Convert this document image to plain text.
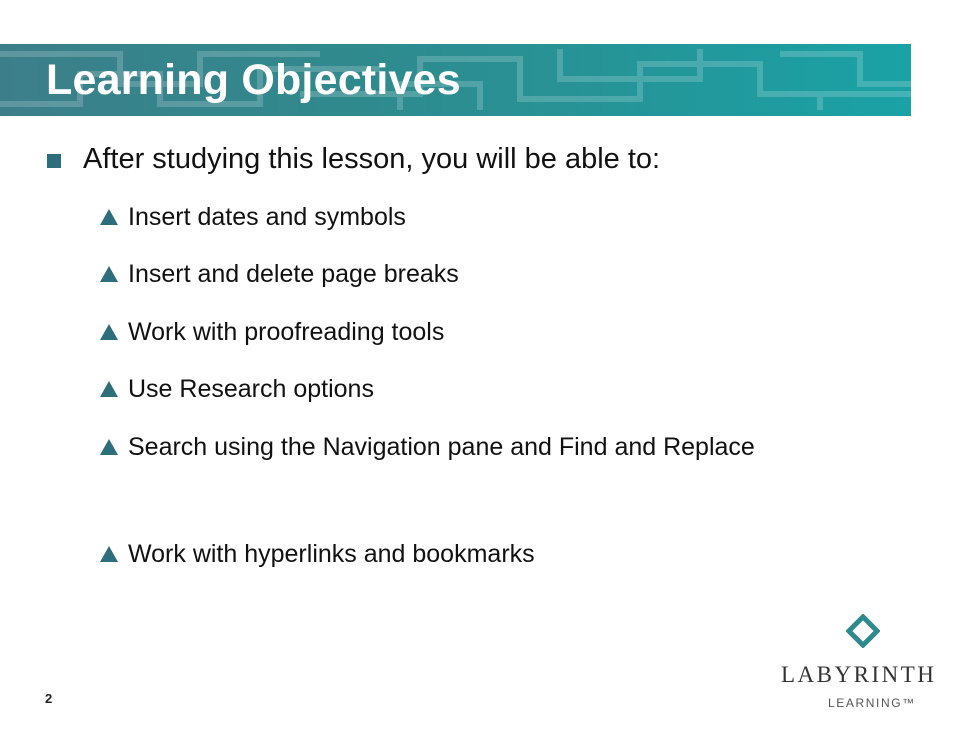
Learning Objectives
After studying this lesson, you will be able to:
Insert dates and symbols
Insert and delete page breaks
Work with proofreading tools
Use Research options
Search using the Navigation pane and Find and Replace
Work with hyperlinks and bookmarks
2
LABYRINTH
LEARNING™
